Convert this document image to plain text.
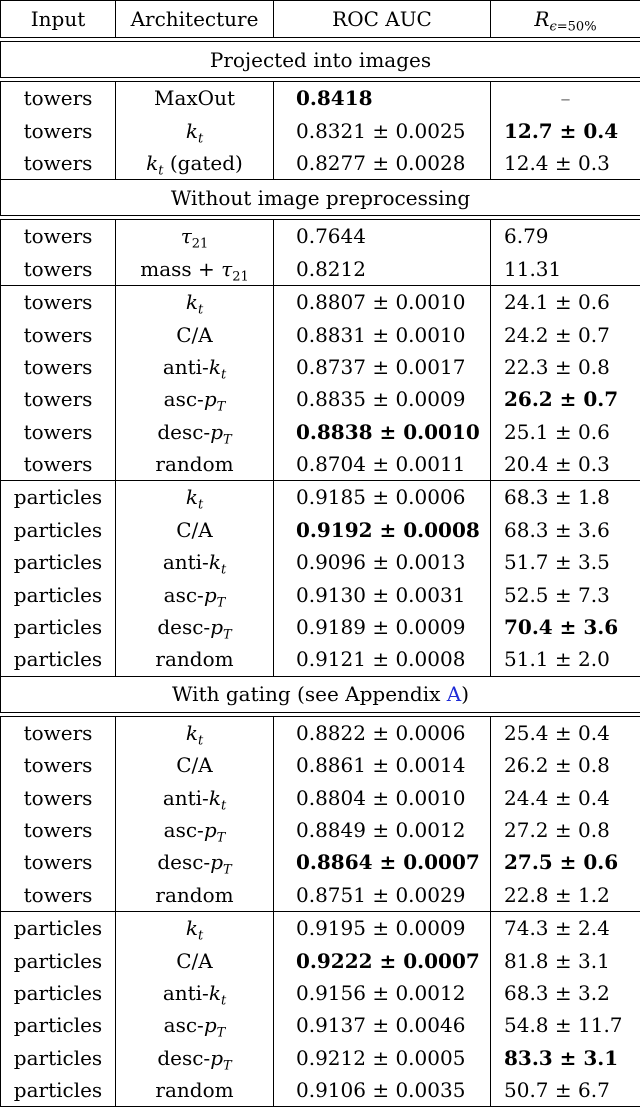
Input	Architecture	ROC AUC	$R_{\epsilon=50\%}$

Projected into images			

towers	MaxOut	0.8418	–
towers	$k_t$	0.8321 ± 0.0025	12.7 ± 0.4
towers	$k_t$ (gated)	0.8277 ± 0.0028	12.4 ± 0.3
Without image preprocessing			

towers	$\tau_{21}$	0.7644	6.79
towers	mass + $\tau_{21}$	0.8212	11.31
towers	$k_t$	0.8807 ± 0.0010	24.1 ± 0.6
towers	C/A	0.8831 ± 0.0010	24.2 ± 0.7
towers	anti-$k_t$	0.8737 ± 0.0017	22.3 ± 0.8
towers	asc-$p_T$	0.8835 ± 0.0009	26.2 ± 0.7
towers	desc-$p_T$	0.8838 ± 0.0010	25.1 ± 0.6
towers	random	0.8704 ± 0.0011	20.4 ± 0.3
particles	$k_t$	0.9185 ± 0.0006	68.3 ± 1.8
particles	C/A	0.9192 ± 0.0008	68.3 ± 3.6
particles	anti-$k_t$	0.9096 ± 0.0013	51.7 ± 3.5
particles	asc-$p_T$	0.9130 ± 0.0031	52.5 ± 7.3
particles	desc-$p_T$	0.9189 ± 0.0009	70.4 ± 3.6
particles	random	0.9121 ± 0.0008	51.1 ± 2.0
With gating (see Appendix A)			

towers	$k_t$	0.8822 ± 0.0006	25.4 ± 0.4
towers	C/A	0.8861 ± 0.0014	26.2 ± 0.8
towers	anti-$k_t$	0.8804 ± 0.0010	24.4 ± 0.4
towers	asc-$p_T$	0.8849 ± 0.0012	27.2 ± 0.8
towers	desc-$p_T$	0.8864 ± 0.0007	27.5 ± 0.6
towers	random	0.8751 ± 0.0029	22.8 ± 1.2
particles	$k_t$	0.9195 ± 0.0009	74.3 ± 2.4
particles	C/A	0.9222 ± 0.0007	81.8 ± 3.1
particles	anti-$k_t$	0.9156 ± 0.0012	68.3 ± 3.2
particles	asc-$p_T$	0.9137 ± 0.0046	54.8 ± 11.7
particles	desc-$p_T$	0.9212 ± 0.0005	83.3 ± 3.1
particles	random	0.9106 ± 0.0035	50.7 ± 6.7
